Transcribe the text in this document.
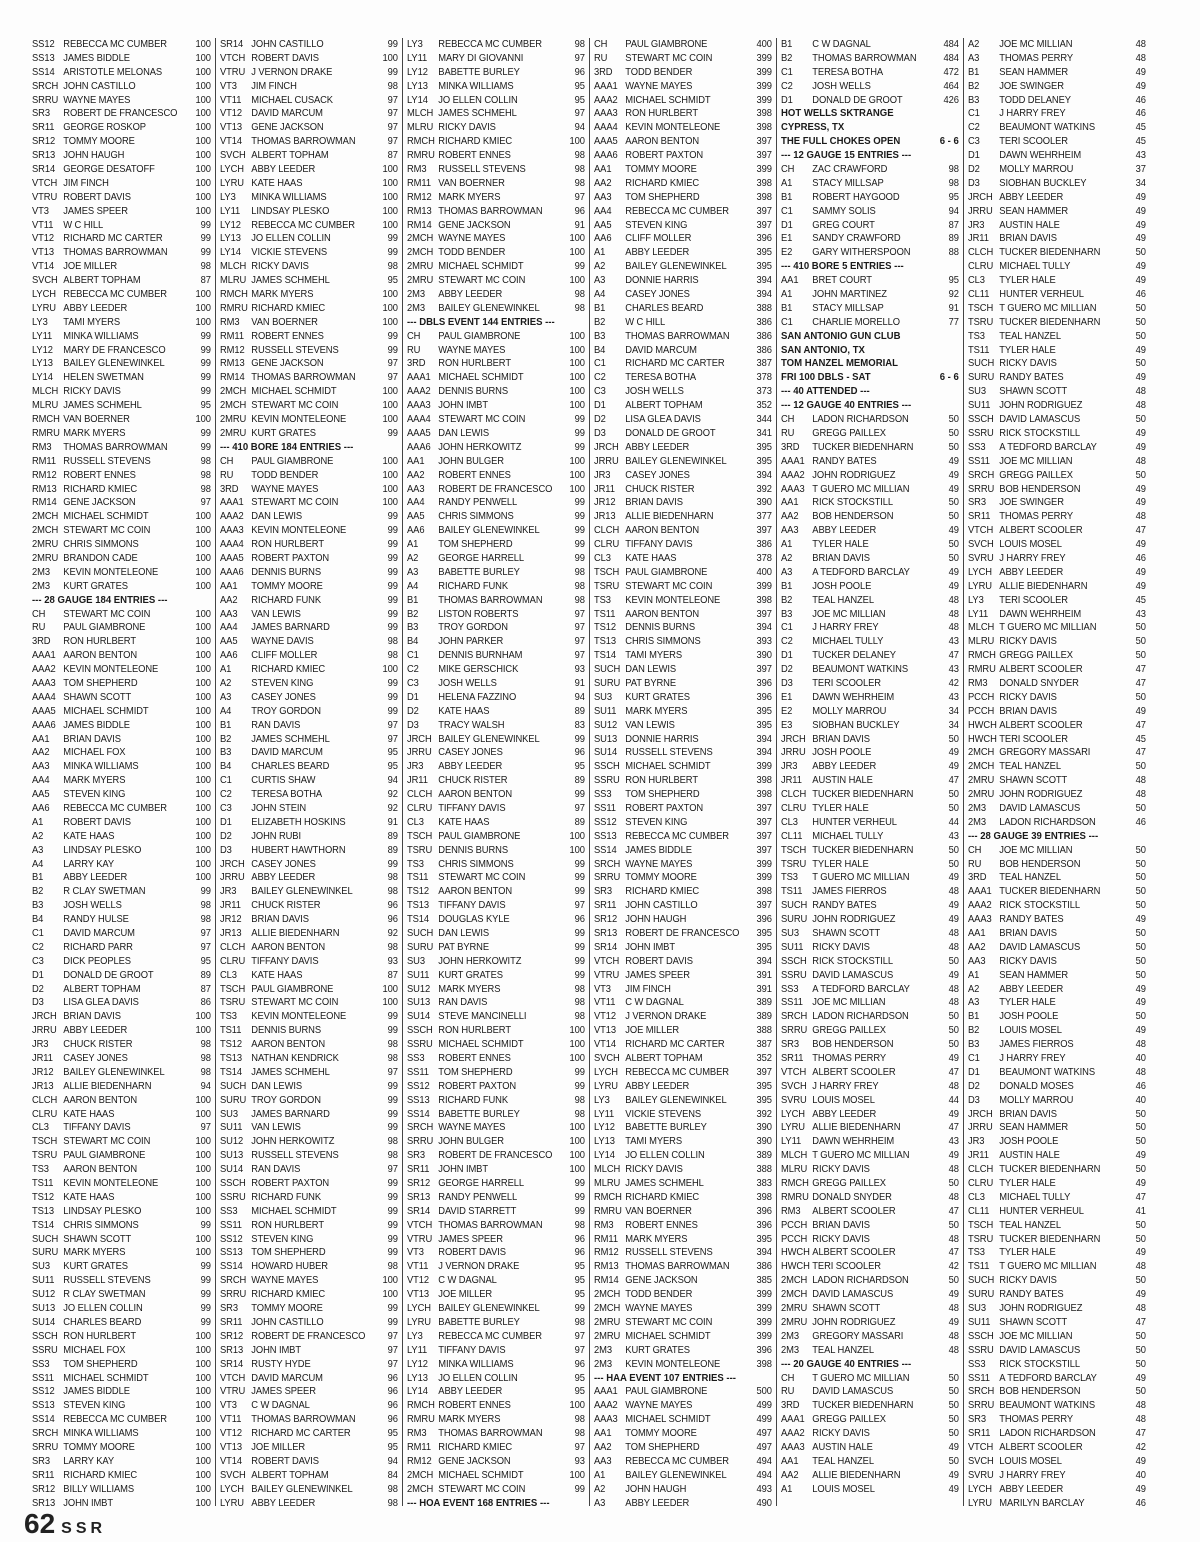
SS12 REBECCA MC CUMBER	100
SS13 JAMES BIDDLE	100
SS14 ARISTOTLE MELONAS	100
SRCH JOHN CASTILLO	100
SRRU WAYNE MAYES	100
SR3	ROBERT DE FRANCESCO	100
SR11 GEORGE ROSKOP	100
SR12 TOMMY MOORE	100
SR13 JOHN HAUGH	100
SR14 GEORGE DESATOFF	100
VTCH JIM FINCH	100
VTRU ROBERT DAVIS	100
VT3	JAMES SPEER	100
VT11 W C HILL	99
VT12 RICHARD MC CARTER	99
VT13 THOMAS BARROWMAN	99
VT14 JOE MILLER	98
SVCH ALBERT TOPHAM	87
LYCH REBECCA MC CUMBER	100
LYRU ABBY LEEDER	100
LY3	TAMI MYERS	100
LY11	MINKA WILLIAMS	99
LY12	MARY DE FRANCESCO	99
LY13	BAILEY GLENEWINKEL	99
LY14	HELEN SWETMAN	99
MLCH RICKY DAVIS	99
MLRU JAMES SCHMEHL	95
RMCH VAN BOERNER	100
RMRU MARK MYERS	99
RM3	THOMAS BARROWMAN	99
RM11 RUSSELL STEVENS	98
RM12 ROBERT ENNES	98
RM13 RICHARD KMIEC	98
RM14 GENE JACKSON	97
2MCH MICHAEL SCHMIDT	100
2MCH STEWART MC COIN	100
2MRU CHRIS SIMMONS	100
2MRU BRANDON CADE	100
2M3	KEVIN MONTELEONE	100
2M3	KURT GRATES	100
--- 28 GAUGE 184 ENTRIES ---
CH	STEWART MC COIN	100
RU	PAUL GIAMBRONE	100
3RD	RON HURLBERT	100
AAA1 AARON BENTON	100
AAA2 KEVIN MONTELEONE	100
AAA3 TOM SHEPHERD	100
AAA4 SHAWN SCOTT	100
AAA5 MICHAEL SCHMIDT	100
AAA6 JAMES BIDDLE	100
AA1	BRIAN DAVIS	100
AA2	MICHAEL FOX	100
AA3	MINKA WILLIAMS	100
AA4	MARK MYERS	100
AA5	STEVEN KING	100
AA6	REBECCA MC CUMBER	100
A1	ROBERT DAVIS	100
A2	KATE HAAS	100
A3	LINDSAY PLESKO	100
A4	LARRY KAY	100
B1	ABBY LEEDER	100
B2	R CLAY SWETMAN	99
B3	JOSH WELLS	98
B4	RANDY HULSE	98
C1	DAVID MARCUM	97
C2	RICHARD PARR	97
C3	DICK PEOPLES	95
D1	DONALD DE GROOT	89
D2	ALBERT TOPHAM	87
D3	LISA GLEA DAVIS	86
JRCH BRIAN DAVIS	100
JRRU ABBY LEEDER	100
JR3	CHUCK RISTER	98
JR11	CASEY JONES	98
JR12 BAILEY GLENEWINKEL	98
JR13 ALLIE BIEDENHARN	94
CLCH AARON BENTON	100
CLRU KATE HAAS	100
CL3	TIFFANY DAVIS	97
TSCH STEWART MC COIN	100
TSRU PAUL GIAMBRONE	100
TS3	AARON BENTON	100
TS11 KEVIN MONTELEONE	100
TS12 KATE HAAS	100
TS13 LINDSAY PLESKO	100
TS14 CHRIS SIMMONS	99
SUCH SHAWN SCOTT	100
SURU MARK MYERS	100
SU3	KURT GRATES	99
SU11 RUSSELL STEVENS	99
SU12 R CLAY SWETMAN	99
SU13 JO ELLEN COLLIN	99
SU14 CHARLES BEARD	99
SSCH RON HURLBERT	100
SSRU MICHAEL FOX	100
SS3	TOM SHEPHERD	100
SS11 MICHAEL SCHMIDT	100
SS12 JAMES BIDDLE	100
SS13 STEVEN KING	100
SS14 REBECCA MC CUMBER	100
SRCH MINKA WILLIAMS	100
SRRU TOMMY MOORE	100
SR3	LARRY KAY	100
SR11 RICHARD KMIEC	100
SR12 BILLY WILLIAMS	100
SR13 JOHN IMBT	100
SR14 JOHN CASTILLO	99
VTCH ROBERT DAVIS	100
VTRU J VERNON DRAKE	99
VT3	JIM FINCH	98
VT11 MICHAEL CUSACK	97
VT12 DAVID MARCUM	97
VT13 GENE JACKSON	97
VT14 THOMAS BARROWMAN	97
SVCH ALBERT TOPHAM	87
LYCH ABBY LEEDER	100
LYRU KATE HAAS	100
LY3	MINKA WILLIAMS	100
LY11	LINDSAY PLESKO	100
LY12	REBECCA MC CUMBER	100
LY13	JO ELLEN COLLIN	99
LY14	VICKIE STEVENS	99
MLCH RICKY DAVIS	98
MLRU JAMES SCHMEHL	95
RMCH MARK MYERS	100
RMRU RICHARD KMIEC	100
RM3	VAN BOERNER	100
RM11 ROBERT ENNES	99
RM12 RUSSELL STEVENS	99
RM13 GENE JACKSON	97
RM14 THOMAS BARROWMAN	97
2MCH MICHAEL SCHMIDT	100
2MCH STEWART MC COIN	100
2MRU KEVIN MONTELEONE	100
2MRU KURT GRATES	99
--- 410 BORE 184 ENTRIES ---
CH	PAUL GIAMBRONE	100
RU	TODD BENDER	100
3RD	WAYNE MAYES	100
AAA1 STEWART MC COIN	100
AAA2 DAN LEWIS	99
AAA3 KEVIN MONTELEONE	99
AAA4 RON HURLBERT	99
AAA5 ROBERT PAXTON	99
AAA6 DENNIS BURNS	99
AA1	TOMMY MOORE	99
AA2	RICHARD FUNK	99
AA3	VAN LEWIS	99
AA4	JAMES BARNARD	99
AA5	WAYNE DAVIS	98
AA6	CLIFF MOLLER	98
A1	RICHARD KMIEC	100
A2	STEVEN KING	99
A3	CASEY JONES	99
A4	TROY GORDON	99
B1	RAN DAVIS	97
B2	JAMES SCHMEHL	97
B3	DAVID MARCUM	95
B4	CHARLES BEARD	95
C1	CURTIS SHAW	94
C2	TERESA BOTHA	92
C3	JOHN STEIN	92
D1	ELIZABETH HOSKINS	91
D2	JOHN RUBI	89
D3	HUBERT HAWTHORN	89
JRCH CASEY JONES	99
JRRU ABBY LEEDER	98
JR3	BAILEY GLENEWINKEL	98
JR11	CHUCK RISTER	96
JR12 BRIAN DAVIS	96
JR13 ALLIE BIEDENHARN	92
CLCH AARON BENTON	98
CLRU TIFFANY DAVIS	93
CL3	KATE HAAS	87
TSCH PAUL GIAMBRONE	100
TSRU STEWART MC COIN	100
TS3	KEVIN MONTELEONE	99
TS11 DENNIS BURNS	99
TS12 AARON BENTON	98
TS13 NATHAN KENDRICK	98
TS14 JAMES SCHMEHL	97
SUCH DAN LEWIS	99
SURU TROY GORDON	99
SU3	JAMES BARNARD	99
SU11 VAN LEWIS	99
SU12 JOHN HERKOWITZ	98
SU13 RUSSELL STEVENS	98
SU14 RAN DAVIS	97
SSCH ROBERT PAXTON	99
SSRU RICHARD FUNK	99
SS3	MICHAEL SCHMIDT	99
SS11 RON HURLBERT	99
SS12 STEVEN KING	99
SS13 TOM SHEPHERD	99
SS14 HOWARD HUBER	98
SRCH WAYNE MAYES	100
SRRU RICHARD KMIEC	100
SR3	TOMMY MOORE	99
SR11 JOHN CASTILLO	99
SR12 ROBERT DE FRANCESCO	97
SR13 JOHN IMBT	97
SR14 RUSTY HYDE	97
VTCH DAVID MARCUM	96
VTRU JAMES SPEER	96
VT3	C W DAGNAL	96
VT11 THOMAS BARROWMAN	96
VT12 RICHARD MC CARTER	95
VT13 JOE MILLER	95
VT14 ROBERT DAVIS	94
SVCH ALBERT TOPHAM	84
LYCH BAILEY GLENEWINKEL	98
LYRU ABBY LEEDER	98
LY3	REBECCA MC CUMBER	98
LY11	MARY DI GIOVANNI	97
LY12	BABETTE BURLEY	96
LY13	MINKA WILLIAMS	95
LY14	JO ELLEN COLLIN	95
MLCH JAMES SCHMEHL	97
MLRU RICKY DAVIS	94
RMCH RICHARD KMIEC	100
RMRU ROBERT ENNES	98
RM3	RUSSELL STEVENS	98
RM11 VAN BOERNER	98
RM12 MARK MYERS	97
RM13 THOMAS BARROWMAN	96
RM14 GENE JACKSON	91
2MCH WAYNE MAYES	100
2MCH TODD BENDER	100
2MRU MICHAEL SCHMIDT	99
2MRU STEWART MC COIN	100
2M3	ABBY LEEDER	98
2M3	BAILEY GLENEWINKEL	98
--- DBLS EVENT 144 ENTRIES ---
CH	PAUL GIAMBRONE	100
RU	WAYNE MAYES	100
3RD	RON HURLBERT	100
AAA1 MICHAEL SCHMIDT	100
AAA2 DENNIS BURNS	100
AAA3 JOHN IMBT	100
AAA4 STEWART MC COIN	99
AAA5 DAN LEWIS	99
AAA6 JOHN HERKOWITZ	99
AA1	JOHN BULGER	100
AA2	ROBERT ENNES	100
AA3	ROBERT DE FRANCESCO	100
AA4	RANDY PENWELL	99
AA5	CHRIS SIMMONS	99
AA6	BAILEY GLENEWINKEL	99
A1	TOM SHEPHERD	99
A2	GEORGE HARRELL	99
A3	BABETTE BURLEY	98
A4	RICHARD FUNK	98
B1	THOMAS BARROWMAN	98
B2	LISTON ROBERTS	97
B3	TROY GORDON	97
B4	JOHN PARKER	97
C1	DENNIS BURNHAM	97
C2	MIKE GERSCHICK	93
C3	JOSH WELLS	91
D1	HELENA FAZZINO	94
D2	KATE HAAS	89
D3	TRACY WALSH	83
JRCH BAILEY GLENEWINKEL	99
JRRU CASEY JONES	96
JR3	ABBY LEEDER	95
JR11	CHUCK RISTER	89
CLCH AARON BENTON	99
CLRU TIFFANY DAVIS	97
CL3	KATE HAAS	89
TSCH PAUL GIAMBRONE	100
TSRU DENNIS BURNS	100
TS3	CHRIS SIMMONS	99
TS11 STEWART MC COIN	99
TS12 AARON BENTON	99
TS13 TIFFANY DAVIS	97
TS14 DOUGLAS KYLE	96
SUCH DAN LEWIS	99
SURU PAT BYRNE	99
SU3	JOHN HERKOWITZ	99
SU11 KURT GRATES	99
SU12 MARK MYERS	98
SU13 RAN DAVIS	98
SU14 STEVE MANCINELLI	98
SSCH RON HURLBERT	100
SSRU MICHAEL SCHMIDT	100
SS3	ROBERT ENNES	100
SS11 TOM SHEPHERD	99
SS12 ROBERT PAXTON	99
SS13 RICHARD FUNK	98
SS14 BABETTE BURLEY	98
SRCH WAYNE MAYES	100
SRRU JOHN BULGER	100
SR3	ROBERT DE FRANCESCO	100
SR11 JOHN IMBT	100
SR12 GEORGE HARRELL	99
SR13 RANDY PENWELL	99
SR14 DAVID STARRETT	99
VTCH THOMAS BARROWMAN	98
VTRU JAMES SPEER	96
VT3	ROBERT DAVIS	96
VT11 J VERNON DRAKE	95
VT12 C W DAGNAL	95
VT13 JOE MILLER	95
LYCH BAILEY GLENEWINKEL	99
LYRU BABETTE BURLEY	98
LY3	REBECCA MC CUMBER	97
LY11	TIFFANY DAVIS	97
LY12	MINKA WILLIAMS	96
LY13	JO ELLEN COLLIN	95
LY14	ABBY LEEDER	95
RMCH ROBERT ENNES	100
RMRU MARK MYERS	98
RM3	THOMAS BARROWMAN	98
RM11 RICHARD KMIEC	97
RM12 GENE JACKSON	93
2MCH MICHAEL SCHMIDT	100
2MCH STEWART MC COIN	99
--- HOA EVENT 168 ENTRIES ---
CH	PAUL GIAMBRONE	400
RU	STEWART MC COIN	399
3RD	TODD BENDER	399
AAA1 WAYNE MAYES	399
AAA2 MICHAEL SCHMIDT	399
AAA3 RON HURLBERT	398
AAA4 KEVIN MONTELEONE	398
AAA5 AARON BENTON	397
AAA6 ROBERT PAXTON	397
AA1	TOMMY MOORE	399
AA2	RICHARD KMIEC	398
AA3	TOM SHEPHERD	398
AA4	REBECCA MC CUMBER	397
AA5	STEVEN KING	397
AA6	CLIFF MOLLER	396
A1	ABBY LEEDER	395
A2	BAILEY GLENEWINKEL	395
A3	DONNIE HARRIS	394
A4	CASEY JONES	394
B1	CHARLES BEARD	388
B2	W C HILL	386
B3	THOMAS BARROWMAN	386
B4	DAVID MARCUM	386
C1	RICHARD MC CARTER	387
C2	TERESA BOTHA	378
C3	JOSH WELLS	373
D1	ALBERT TOPHAM	352
D2	LISA GLEA DAVIS	344
D3	DONALD DE GROOT	341
JRCH ABBY LEEDER	395
JRRU BAILEY GLENEWINKEL	395
JR3	CASEY JONES	394
JR11	CHUCK RISTER	392
JR12 BRIAN DAVIS	390
JR13 ALLIE BIEDENHARN	377
CLCH AARON BENTON	397
CLRU TIFFANY DAVIS	386
CL3	KATE HAAS	378
TSCH PAUL GIAMBRONE	400
TSRU STEWART MC COIN	399
TS3	KEVIN MONTELEONE	398
TS11 AARON BENTON	397
TS12 DENNIS BURNS	394
TS13 CHRIS SIMMONS	393
TS14 TAMI MYERS	390
SUCH DAN LEWIS	397
SURU PAT BYRNE	396
SU3	KURT GRATES	396
SU11 MARK MYERS	395
SU12 VAN LEWIS	395
SU13 DONNIE HARRIS	394
SU14 RUSSELL STEVENS	394
SSCH MICHAEL SCHMIDT	399
SSRU RON HURLBERT	398
SS3	TOM SHEPHERD	398
SS11 ROBERT PAXTON	397
SS12 STEVEN KING	397
SS13 REBECCA MC CUMBER	397
SS14 JAMES BIDDLE	397
SRCH WAYNE MAYES	399
SRRU TOMMY MOORE	399
SR3	RICHARD KMIEC	398
SR11 JOHN CASTILLO	397
SR12 JOHN HAUGH	396
SR13 ROBERT DE FRANCESCO	395
SR14 JOHN IMBT	395
VTCH ROBERT DAVIS	394
VTRU JAMES SPEER	391
VT3	JIM FINCH	391
VT11 C W DAGNAL	389
VT12 J VERNON DRAKE	389
VT13 JOE MILLER	388
VT14 RICHARD MC CARTER	387
SVCH ALBERT TOPHAM	352
LYCH REBECCA MC CUMBER	397
LYRU ABBY LEEDER	395
LY3	BAILEY GLENEWINKEL	395
LY11	VICKIE STEVENS	392
LY12	BABETTE BURLEY	390
LY13	TAMI MYERS	390
LY14	JO ELLEN COLLIN	389
MLCH RICKY DAVIS	388
MLRU JAMES SCHMEHL	383
RMCH RICHARD KMIEC	398
RMRU VAN BOERNER	396
RM3	ROBERT ENNES	396
RM11 MARK MYERS	395
RM12 RUSSELL STEVENS	394
RM13 THOMAS BARROWMAN	386
RM14 GENE JACKSON	385
2MCH TODD BENDER	399
2MCH WAYNE MAYES	399
2MRU STEWART MC COIN	399
2MRU MICHAEL SCHMIDT	399
2M3	KURT GRATES	396
2M3	KEVIN MONTELEONE	398
--- HAA EVENT 107 ENTRIES ---
AAA1 PAUL GIAMBRONE	500
AAA2 WAYNE MAYES	499
AAA3 MICHAEL SCHMIDT	499
AA1	TOMMY MOORE	497
AA2	TOM SHEPHERD	497
AA3	REBECCA MC CUMBER	494
A1	BAILEY GLENEWINKEL	494
A2	JOHN HAUGH	493
A3	ABBY LEEDER	490
B1	C W DAGNAL	484
B2	THOMAS BARROWMAN	484
C1	TERESA BOTHA	472
C2	JOSH WELLS	464
D1	DONALD DE GROOT	426
HOT WELLS SKTRANGE
CYPRESS, TX
THE FULL CHOKES OPEN	6 - 6
--- 12 GAUGE 15 ENTRIES ---
CH	ZAC CRAWFORD	98
A1	STACY MILLSAP	98
B1	ROBERT HAYGOOD	95
C1	SAMMY SOLIS	94
D1	GREG COURT	87
E1	SANDY CRAWFORD	89
E2	GARY WITHERSPOON	88
--- 410 BORE 5 ENTRIES ---
AA1	BRET COURT	95
A1	JOHN MARTINEZ	92
B1	STACY MILLSAP	91
C1	CHARLIE MORELLO	77
SAN ANTONIO GUN CLUB
SAN ANTONIO, TX
TOM HANZEL MEMORIAL
FRI 100 DBLS - SAT	6 - 6
--- 40 ATTENDED ---
--- 12 GAUGE 40 ENTRIES ---
CH	LADON RICHARDSON	50
RU	GREGG PAILLEX	50
3RD	TUCKER BIEDENHARN	50
AAA1 RANDY BATES	49
AAA2 JOHN RODRIGUEZ	49
AAA3 T GUERO MC MILLIAN	49
AA1	RICK STOCKSTILL	50
AA2	BOB HENDERSON	50
AA3	ABBY LEEDER	49
A1	TYLER HALE	50
A2	BRIAN DAVIS	50
A3	A TEDFORD BARCLAY	49
B1	JOSH POOLE	49
B2	TEAL HANZEL	48
B3	JOE MC MILLIAN	48
C1	J HARRY FREY	48
C2	MICHAEL TULLY	43
D1	TUCKER DELANEY	47
D2	BEAUMONT WATKINS	43
D3	TERI SCOOLER	42
E1	DAWN WEHRHEIM	43
E2	MOLLY MARROU	34
E3	SIOBHAN BUCKLEY	34
JRCH BRIAN DAVIS	50
JRRU JOSH POOLE	49
JR3	ABBY LEEDER	49
JR11	AUSTIN HALE	47
CLCH TUCKER BIEDENHARN	50
CLRU TYLER HALE	50
CL3	HUNTER VERHEUL	44
CL11 MICHAEL TULLY	43
TSCH TUCKER BIEDENHARN	50
TSRU TYLER HALE	50
TS3	T GUERO MC MILLIAN	49
TS11 JAMES FIERROS	48
SUCH RANDY BATES	49
SURU JOHN RODRIGUEZ	49
SU3	SHAWN SCOTT	48
SU11 RICKY DAVIS	48
SSCH RICK STOCKSTILL	50
SSRU DAVID LAMASCUS	49
SS3	A TEDFORD BARCLAY	48
SS11 JOE MC MILLIAN	48
SRCH LADON RICHARDSON	50
SRRU GREGG PAILLEX	50
SR3	BOB HENDERSON	50
SR11 THOMAS PERRY	49
VTCH ALBERT SCOOLER	47
SVCH J HARRY FREY	48
SVRU LOUIS MOSEL	44
LYCH ABBY LEEDER	49
LYRU ALLIE BIEDENHARN	47
LY11	DAWN WEHRHEIM	43
MLCH T GUERO MC MILLIAN	49
MLRU RICKY DAVIS	48
RMCH GREGG PAILLEX	50
RMRU DONALD SNYDER	48
RM3	ALBERT SCOOLER	47
PCCH BRIAN DAVIS	50
PCCH RICKY DAVIS	48
HWCH ALBERT SCOOLER	47
HWCH TERI SCOOLER	42
2MCH LADON RICHARDSON	50
2MCH DAVID LAMASCUS	49
2MRU SHAWN SCOTT	48
2MRU JOHN RODRIGUEZ	49
2M3	GREGORY MASSARI	48
2M3	TEAL HANZEL	48
--- 20 GAUGE 40 ENTRIES ---
CH	T GUERO MC MILLIAN	50
RU	DAVID LAMASCUS	50
3RD	TUCKER BIEDENHARN	50
AAA1 GREGG PAILLEX	50
AAA2 RICKY DAVIS	50
AAA3 AUSTIN HALE	49
AA1	TEAL HANZEL	50
AA2	ALLIE BIEDENHARN	49
A1	LOUIS MOSEL	49
A2	JOE MC MILLIAN	48
A3	THOMAS PERRY	48
B1	SEAN HAMMER	49
B2	JOE SWINGER	49
B3	TODD DELANEY	46
C1	J HARRY FREY	46
C2	BEAUMONT WATKINS	45
C3	TERI SCOOLER	45
D1	DAWN WEHRHEIM	43
D2	MOLLY MARROU	37
D3	SIOBHAN BUCKLEY	34
JRCH ABBY LEEDER	49
JRRU SEAN HAMMER	49
JR3	AUSTIN HALE	49
JR11	BRIAN DAVIS	49
CLCH TUCKER BIEDENHARN	50
CLRU MICHAEL TULLY	49
CL3	TYLER HALE	49
CL11 HUNTER VERHEUL	46
TSCH T GUERO MC MILLIAN	50
TSRU TUCKER BIEDENHARN	50
TS3	TEAL HANZEL	50
TS11 TYLER HALE	49
SUCH RICKY DAVIS	50
SURU RANDY BATES	49
SU3	SHAWN SCOTT	48
SU11 JOHN RODRIGUEZ	48
SSCH DAVID LAMASCUS	50
SSRU RICK STOCKSTILL	49
SS3	A TEDFORD BARCLAY	49
SS11 JOE MC MILLIAN	48
SRCH GREGG PAILLEX	50
SRRU BOB HENDERSON	49
SR3	JOE SWINGER	49
SR11 THOMAS PERRY	48
VTCH ALBERT SCOOLER	47
SVCH LOUIS MOSEL	49
SVRU J HARRY FREY	46
LYCH ABBY LEEDER	49
LYRU ALLIE BIEDENHARN	49
LY3	TERI SCOOLER	45
LY11	DAWN WEHRHEIM	43
MLCH T GUERO MC MILLIAN	50
MLRU RICKY DAVIS	50
RMCH GREGG PAILLEX	50
RMRU ALBERT SCOOLER	47
RM3	DONALD SNYDER	47
PCCH RICKY DAVIS	50
PCCH BRIAN DAVIS	49
HWCH ALBERT SCOOLER	47
HWCH TERI SCOOLER	45
2MCH GREGORY MASSARI	47
2MCH TEAL HANZEL	50
2MRU SHAWN SCOTT	48
2MRU JOHN RODRIGUEZ	48
2M3	DAVID LAMASCUS	50
2M3	LADON RICHARDSON	46
--- 28 GAUGE 39 ENTRIES ---
CH	JOE MC MILLIAN	50
RU	BOB HENDERSON	50
3RD	TEAL HANZEL	50
AAA1 TUCKER BIEDENHARN	50
AAA2 RICK STOCKSTILL	50
AAA3 RANDY BATES	49
AA1	BRIAN DAVIS	50
AA2	DAVID LAMASCUS	50
AA3	RICKY DAVIS	50
A1	SEAN HAMMER	50
A2	ABBY LEEDER	49
A3	TYLER HALE	49
B1	JOSH POOLE	50
B2	LOUIS MOSEL	49
B3	JAMES FIERROS	48
C1	J HARRY FREY	40
D1	BEAUMONT WATKINS	48
D2	DONALD MOSES	46
D3	MOLLY MARROU	40
JRCH BRIAN DAVIS	50
JRRU SEAN HAMMER	50
JR3	JOSH POOLE	50
JR11	AUSTIN HALE	49
CLCH TUCKER BIEDENHARN	50
CLRU TYLER HALE	49
CL3	MICHAEL TULLY	47
CL11 HUNTER VERHEUL	41
TSCH TEAL HANZEL	50
TSRU TUCKER BIEDENHARN	50
TS3	TYLER HALE	49
TS11 T GUERO MC MILLIAN	48
SUCH RICKY DAVIS	50
SURU RANDY BATES	49
SU3	JOHN RODRIGUEZ	48
SU11 SHAWN SCOTT	47
SSCH JOE MC MILLIAN	50
SSRU DAVID LAMASCUS	50
SS3	RICK STOCKSTILL	50
SS11 A TEDFORD BARCLAY	49
SRCH BOB HENDERSON	50
SRRU BEAUMONT WATKINS	48
SR3	THOMAS PERRY	48
SR11 LADON RICHARDSON	47
VTCH ALBERT SCOOLER	42
SVCH LOUIS MOSEL	49
SVRU J HARRY FREY	40
LYCH ABBY LEEDER	49
LYRU MARILYN BARCLAY	46
62 SSR
